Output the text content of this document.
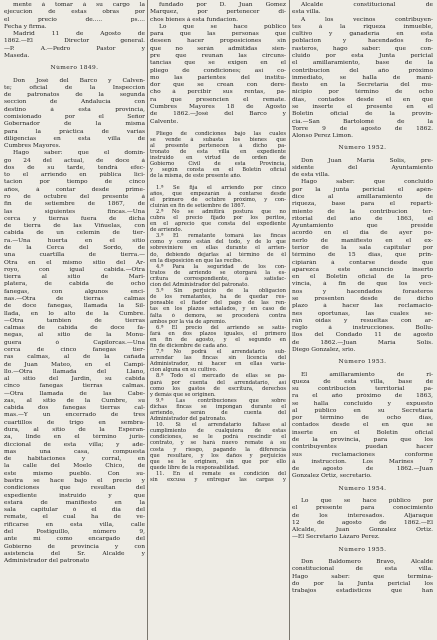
mente á tomar á su cargo la
ejecucion de estas obras por
el precio de..... ps....
Fecha y firma.
Madrid 11 de Agosto de
1862.—El Director general.
—P. A.—Pedro Pastor y
Maseda.
Número 1849.
Don José del Barco y Calven-
te; oficial de la Inspeccion
de patronatos de la segunda
seccion de Andalucía con
destino á esta provincia,
comisionado por el Señor
Gobernador de la misma
para la práctica de varias
diligencias en esta villa de
Cumbres Mayores.
Hago saber: que el domin-
go 24 del actual, de doce á
dos de su tarde, tendrá efec-
to el arriendo en pública lici-
tacion por tiempo de cinco
años, á contar desde prime-
ro de octubre del presente á
fin de setiembre de 1867, de
las siguientes fincas.—Una
cerca y tierras fuera de dicha
de tierra de las Viñuelas, con
cabida de un celemin de tier-
ra.—Una huerta en el sitio
de la Cerca del Sordo, de
una cuartilla de tierra.—
Otra en el mismo sitio del Ar-
royo, con igual cabida.—Otra
tierra al sitio de Mari-
platera, de cabida de ocho
fanegas, con algunos enci-
nas.—Otra de tierras calmas
de doce fanegas, llamada la Sil-
llada, en lo alto de la Cumbre.
—Otra tambien de tierras
calmas de cabida de doce fa-
negas, al sitio de la Monu-
guera ó Capilorcas.—Una
cerca de cinco fanegas tier-
ras calmas, al de la cañada
de Juan Mateo, en el Campi-
llo.—Otra llamada del Llano,
al sitio del Jardin, su cabida
cinco fanegas tierras calmas.
—Otra llamada de las Cabe-
zas, al sitio de la Cumbre, su
cabida dos fanegas tierras cal-
mas.—Y un encerrado de tres
cuartillos de trigo en sembra-
dura, al sitio de la Esperan-
za, linde en el término juris-
diccional de esta villa; y ade-
mas una casa, compuesta
de habitaciones y corral, en
la calle del Moelo Chico, de
este mismo pueblo. Con su-
bastra se hace bajo el precio y
condiciones que resultan del
expediente instruido y que
estará de manifiesto en la
sala capitular ó el dia del
remate, el cual ha de ve-
rificarse en esta villa, calle
del Postiguillo, número 9,
ante mí como encargado del
Gobierno de provincia y con
asistencia del Sr. Alcalde y
Administrador del patronato
fundado por D. Juan Gomez
Marquez, por pertenecer di-
chos bienes á esta fundacion.
Lo que se hace público
para que las personas que
deseen hacer proposiciones sin
que no serán admitidas sien-
pre que reunan las circuns-
tancias que se exigen en el
pliego de condiciones; así co-
mo las parientes del institu-
dor que se crean con dere-
cho á percibir sus rentas, pa-
ra que presencien el remate.
Cumbres Mayores 18 de Agosto
de 1862.—José del Barco y
Calvente.
Pliego de condiciones bajo las cuales
se vende á subasta los bienes que
al presente pertenecen á dicho pa-
tronato de esta villa en expediente
instruido en virtud de orden de
Gobierno Civil de esta Provincia,
y según consta en el Boletín oficial
de la misma, de este presente año.
1.ª Se fija el arriendo por cinco
años, que empezarán á contarse desde
el primero de octubre próximo, y con-
cluirán en fin de setiembre de 1867.
2.ª No se admitirá postura que no
cubra el precio fijado por los peritos,
en el aprecio que consta del expediente
de arriendo.
3.ª El rematante tomará las fincas
como y como están del todo, y de lo que
sobreviniere en ellas durante el arrien-
do, debiendo dejarlas al término de él
en la disposición en que las recibe.
4.ª Para la seguridad de los con-
tratos de arriendo se otorgará la es-
critura correspondiente, á satisfac-
cion del Administrador del patronato.
5.ª Sin perjuicio de la obligacion
de los rematantes, ha de quedar res-
ponsable el fiador del pago de las ren-
tas en los plazos señalados, y en caso de
falta ó demora, se procederá contra
ambos por la vía de apremio.
6.ª El precio del arriendo se satis-
fará en dos plazos iguales, el primero
en fin de agosto, y el segundo en
fin de diciembre de cada año.
7.ª No podrá el arrendatario sub-
arrendar las fincas sin licencia del
Administrador, ni hacer en ellas varia-
cion alguna en su cultivo.
8.ª Todo el mercado de ellas se pa-
gará por cuenta del arrendatario, así
como los gastos de escritura, derechos
y demás que se originen.
9.ª Las contribuciones que sobre
dichas fincas se impongan durante el
arriendo, serán de cuenta del
Administrador del patronato.
10. Si el arrendatario faltase al
cumplimiento de cualquiera de estas
condiciones, se le podrá rescindir el
contrato, y se hará nuevo remate á su
costa y riesgo, pagando la diferencia
que resultare, y los daños y perjuicios
que se le originen, sin que por ello
quede libre de la responsabilidad.
11. En el remate es condición del
sin excusa y entregar las cargas y
Alcalde constitucional de
esta villa.
Á los vecinos contribuyen-
tes á la riqueza inmueble,
cultivo y ganadería en esta
poblacion y hacendados fo-
rasteros, hago saber: que con-
cluido por esta Junta pericial
el amillaramiento, base de la
contribucion del año próximo
inmediato, se halla de mani-
fiesto en la Secretaría del mu-
nicipio por término de ocho
dias, contados desde el en que
se inserte el presente en el
Boletin oficial de la provin-
cia.—San Bartolomé de la
Torre 9 de agosto de 1862.
Alonso Perez Limon.
Número 1952.
Don Juan María Solís, pre-
sidente del Ayuntamiento
de esta villa.
Hago saber: que concluido
por la junta pericial el apén-
dice al amillaramiento de
riqueza, base para el reparti-
miento de la contribucion ter-
ritorial del año de 1863, el
Ayuntamiento que preside
acordó en el día de ayer po-
nerlo de manifiesto en el ex-
terior de la sala capitular por
término de 15 días, que prin-
cipiarán á contarse desde que
aparezca este anuncio inserto
en el Boletin oficial de la pro-
vincia, á fin de que los veci-
nos y hacendados forasteros
se presenten desde de dicho
plazo á hacer las reclamacio-
nes oportunas, las cuales se-
rán oídas y resueltas con ar-
reglo á instrucciones. Bollu-
llos del Condado 11 de agosto
de 1862.—Juan María Solís.
Diego Gonzalez, srio.
Número 1953.
El amillaramiento de ri-
queza de esta villa, base de
su contribucion territorial pa-
ra el año próximo de 1863,
se halla concluido y expuesto
al público en su Secretaria
por término de ocho días,
contados desde el en que se
inserte en el Boletin oficial
de la provincia, para que los
contribuyentes puedan hacer
sus reclamaciones conforme
á instruccion. Los Marines 7
de agosto de 1862.—Juan
Gonzalez Ortiz, secretario.
Número 1954.
Lo que se hace público por
el presente para conocimiento
de los interesados. Aljaraque
12 de agosto de 1862.—El
Alcalde, Juan Gonzalez Ortiz.
—El Secretario Lázaro Perez.
Número 1955.
Don Baldomero Bravo, Alcalde
constitucional de esta villa.
Hago saber: que termina-
do por la Junta pericial los
trabajos estadísticos que han
